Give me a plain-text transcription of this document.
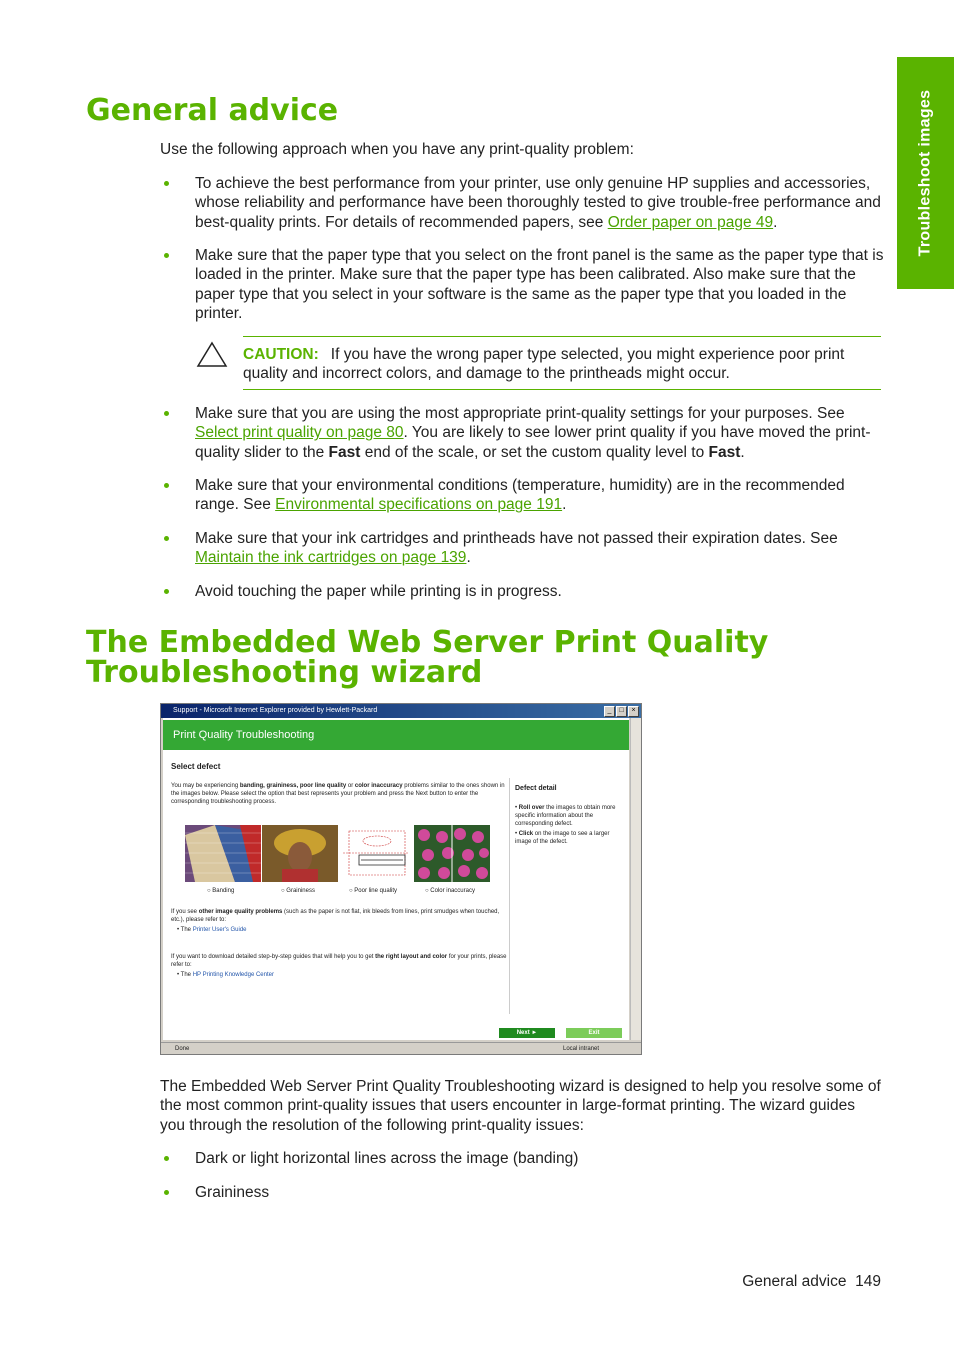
Troubleshoot images
General advice

Use the following approach when you have any print-quality problem:

To achieve the best performance from your printer, use only genuine HP supplies and accessories, whose reliability and performance have been thoroughly tested to give trouble-free performance and best-quality prints. For details of recommended papers, see Order paper on page 49.
Make sure that the paper type that you select on the front panel is the same as the paper type that is loaded in the printer. Make sure that the paper type has been calibrated. Also make sure that the paper type that you select in your software is the same as the paper type that you loaded in the printer.
CAUTION: If you have the wrong paper type selected, you might experience poor print quality and incorrect colors, and damage to the printheads might occur.
Make sure that you are using the most appropriate print-quality settings for your purposes. See Select print quality on page 80. You are likely to see lower print quality if you have moved the print-quality slider to the Fast end of the scale, or set the custom quality level to Fast.
Make sure that your environmental conditions (temperature, humidity) are in the recommended range. See Environmental specifications on page 191.
Make sure that your ink cartridges and printheads have not passed their expiration dates. See Maintain the ink cartridges on page 139.
Avoid touching the paper while printing is in progress.
The Embedded Web Server Print Quality Troubleshooting wizard
Support - Microsoft Internet Explorer provided by Hewlett-Packard	_	□	×
Print Quality Troubleshooting
Select defect
You may be experiencing banding, graininess, poor line quality or color inaccuracy problems similar to the ones shown in the images below. Please select the option that best represents your problem and press the Next button to enter the corresponding troubleshooting process.
○ Banding	○ Graininess	○ Poor line quality	○ Color inaccuracy
If you see other image quality problems (such as the paper is not flat, ink bleeds from lines, print smudges when touched, etc.), please refer to:
• The Printer User's Guide
If you want to download detailed step-by-step guides that will help you to get the right layout and color for your prints, please refer to:
• The HP Printing Knowledge Center
Defect detail
• Roll over the images to obtain more specific information about the corresponding defect.
• Click on the image to see a larger image of the defect.
Next ►	Exit
Done	Local intranet

The Embedded Web Server Print Quality Troubleshooting wizard is designed to help you resolve some of the most common print-quality issues that users encounter in large-format printing. The wizard guides you through the resolution of the following print-quality issues:

Dark or light horizontal lines across the image (banding)
Graininess
General advice 149
